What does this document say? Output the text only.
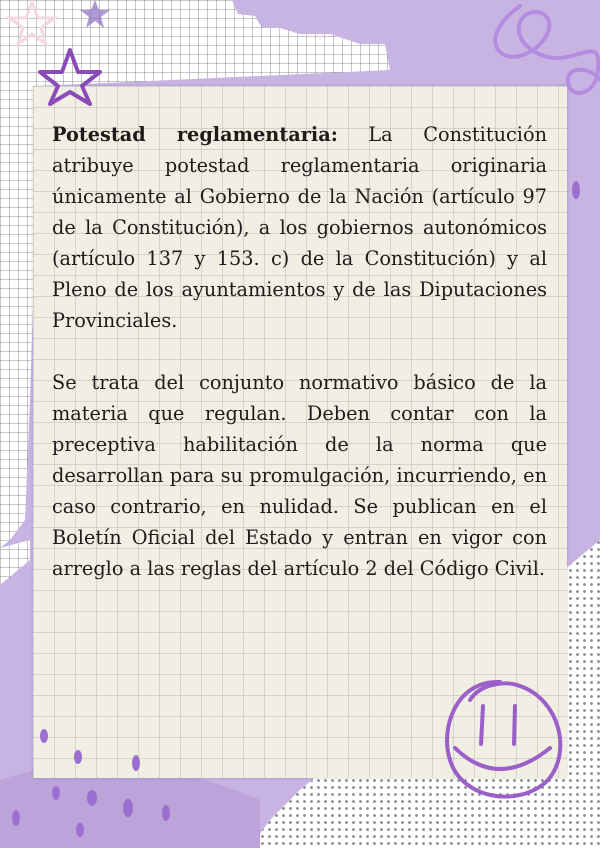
Potestad reglamentaria: La Constitución atribuye potestad reglamentaria originaria únicamente al Gobierno de la Nación (artículo 97 de la Constitución), a los gobiernos autonómicos (artículo 137 y 153. c) de la Constitución) y al Pleno de los ayuntamientos y de las Diputaciones Provinciales.

Se trata del conjunto normativo básico de la materia que regulan. Deben contar con la preceptiva habilitación de la norma que desarrollan para su promulgación, incurriendo, en caso contrario, en nulidad. Se publican en el Boletín Oficial del Estado y entran en vigor con arreglo a las reglas del artículo 2 del Código Civil.
